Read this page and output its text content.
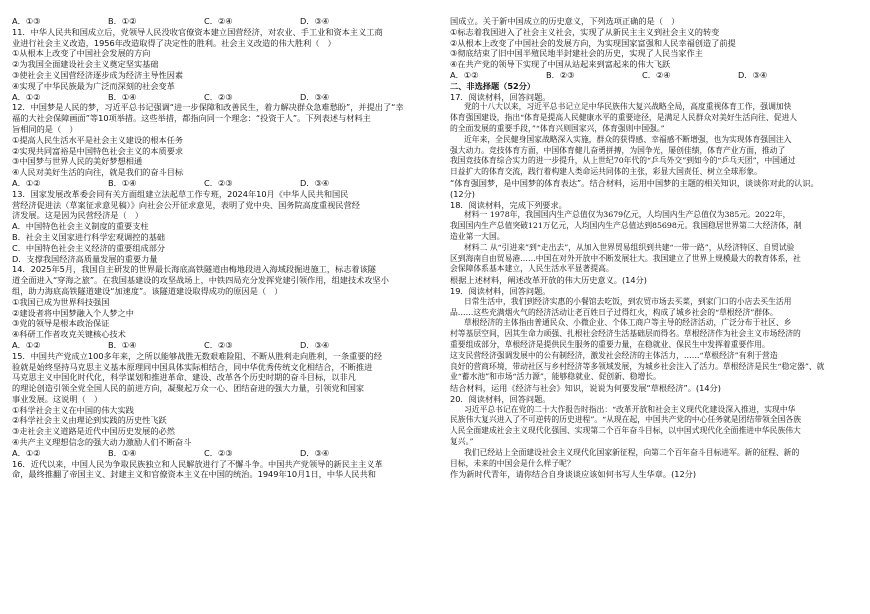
A．①③	B．①②	C．②④	D．③④
11．中华人民共和国成立后，党领导人民没收官僚资本建立国营经济，对农业、手工业和资本主义工商
业进行社会主义改造，1956年改造取得了决定性的胜利。社会主义改造的伟大胜利（　）
①从根本上改变了中国社会发展的方向
②为我国全面建设社会主义奠定坚实基础
③使社会主义国营经济逐步成为经济主导性因素
④实现了中华民族最为广泛而深刻的社会变革
A．①②	B．①④	C．②③	D．③④
12．中国梦是人民的梦，习近平总书记强调“进一步保障和改善民生，着力解决群众急难愁盼”，并提出了“幸
福的大社会保障画面”等10项举措。这些举措，都指向同一个理念：“投资于人”。下列表述与材料主
旨相同的是（　）
①提高人民生活水平是社会主义建设的根本任务
②实现共同富裕是中国特色社会主义的本质要求
③中国梦与世界人民的美好梦想相通
④人民对美好生活的向往，就是我们的奋斗目标
A．①②	B．①④	C．②③	D．③④
13．国家发展改革委会同有关方面组建立法起草工作专班，2024年10月《中华人民共和国民
营经济促进法（草案征求意见稿）》向社会公开征求意见，表明了党中央、国务院高度重视民营经
济发展。这是因为民营经济是（　）
A．中国特色社会主义制度的重要支柱
B．社会主义国家进行科学宏观调控的基础
C．中国特色社会主义经济的重要组成部分
D．支撑我国经济高质量发展的重要力量
14．2025年5月，我国自主研发的世界最长海底高铁隧道由梅地段进入海域段掘进施工，标志着该隧
道全面进入“穿海之旅”。在我国基建设的攻坚战场上，中铁四局充分发挥党建引领作用，组建技术攻坚小
组，助力海底高铁隧道建设“加速度”。该隧道建设取得成功的原因是（　）
①我国已成为世界科技强国
②建设者将中国梦融入个人梦之中
③党的领导是根本政治保证
④科研工作者攻克关键核心技术
A．①②	B．①④	C．②③	D．③④
15．中国共产党成立100多年来，之所以能够战胜无数艰难险阻、不断从胜利走向胜利，一条重要的经
验就是始终坚持马克思主义基本原理同中国具体实际相结合，同中华优秀传统文化相结合，不断推进
马克思主义中国化时代化，科学谋划和推进革命、建设、改革各个历史时期的奋斗目标，以非凡
的理论创造引领全党全国人民的前进方向，凝聚起万众一心、团结奋进的强大力量，引领党和国家
事业发展。这说明（　）
①科学社会主义在中国的伟大实践
②科学社会主义由理论到实践的历史性飞跃
③走社会主义道路是近代中国历史发展的必然
④共产主义理想信念的强大动力激励人们不断奋斗
A．①②	B．①④	C．②③	D．③④
16．近代以来，中国人民为争取民族独立和人民解放进行了不懈斗争。中国共产党领导的新民主主义革
命，最终推翻了帝国主义、封建主义和官僚资本主义在中国的统治。1949年10月1日，中华人民共和
国成立。关于新中国成立的历史意义，下列选项正确的是（　）
①标志着我国进入了社会主义社会，实现了从新民主主义到社会主义的转变
②从根本上改变了中国社会的发展方向，为实现国家富强和人民幸福创造了前提
③彻底结束了旧中国半殖民地半封建社会的历史，实现了人民当家作主
④在共产党的领导下实现了中国从站起来到富起来的伟大飞跃
A．①②	B．②③	C．②④	D．③④
二、非选择题（52分）
17．阅读材料，回答问题。
党的十八大以来，习近平总书记立足中华民族伟大复兴战略全局，高度重视体育工作，强调加快
体育强国建设，指出“体育是提高人民健康水平的重要途径，是满足人民群众对美好生活向往、促进人
的全面发展的重要手段，”“体育兴则国家兴，体育强则中国强。”
近年来，全民健身国家战略深入实施，群众的获得感、幸福感不断增强，也为实现体育强国注入
强大动力。竞技体育方面，中国体育健儿奋勇拼搏，为国争光，屡创佳绩，体育产业方面，推动了
我国竞技体育综合实力的进一步提升，从上世纪70年代的“乒乓外交”到如今的“乒乓天团”，中国通过
日益扩大的体育交流，践行着构建人类命运共同体的主张，彩显大国责任、树立全球形象。
“体育强国梦，是中国梦的体育表达”。结合材料，运用中国梦的主题的相关知识，谈谈你对此的认识。
(12分)
18．阅读材料，完成下列要求。
材料一 1978年，我国国内生产总值仅为3679亿元，人均国内生产总值仅为385元。2022年，
我国国内生产总值突破121万亿元，人均国内生产总值达到85698元。我国稳居世界第二大经济体，制
造业第一大国。
材料二 从“引进来”到“走出去”，从加入世界贸易组织到共建“一带一路”，从经济特区、自贸试验
区到海南自由贸易港……中国在对外开放中不断发展壮大。我国建立了世界上规模最大的教育体系，社
会保障体系基本建立，人民生活水平显著提高。
根据上述材料，阐述改革开放的伟大历史意义。(14分)
19．阅读材料，回答问题。
日常生活中，我们到经济实惠的小餐馆去吃饭，到农贸市场去买菜，到家门口的小店去买生活用
品……这些充满烟火气的经济活动让老百姓日子过得红火，构成了城乡社会的“草根经济”群体。
草根经济的主体指由普通民众、小微企业、个体工商户等主导的经济活动，广泛分布于社区、乡
村等基层空间，因其生命力顽强、扎根社会经济生活基础层而得名。草根经济作为社会主义市场经济的
重要组成部分，草根经济是提供民生服务的重要力量，在稳就业、保民生中发挥着重要作用。
这支民营经济强调发展中的公有制经济，激发社会经济的主体活力，……“草根经济”有利于营造
良好的营商环境，带动社区与乡村经济等多领域发展，为城乡社会注入了活力。草根经济是民生“稳定器”、就
业“蓄水池”和市场“活力源”，能够稳就业、促创新、稳增长。
结合材料，运用《经济与社会》知识，说说为何要发展“草根经济”。(14分)
20．阅读材料，回答问题。
习近平总书记在党的二十大作报告时指出：“改革开放和社会主义现代化建设深入推进，实现中华
民族伟大复兴进入了不可逆转的历史进程”。“从现在起，中国共产党的中心任务就是团结带领全国各族
人民全面建成社会主义现代化强国、实现第二个百年奋斗目标，以中国式现代化全面推进中华民族伟大
复兴。”
我们已经站上全面建设社会主义现代化国家新征程，向第二个百年奋斗目标进军。新的征程、新的
目标，未来的中国会是什么样子呢？
作为新时代青年，请你结合自身谈谈应该如何书写人生华章。(12分)
